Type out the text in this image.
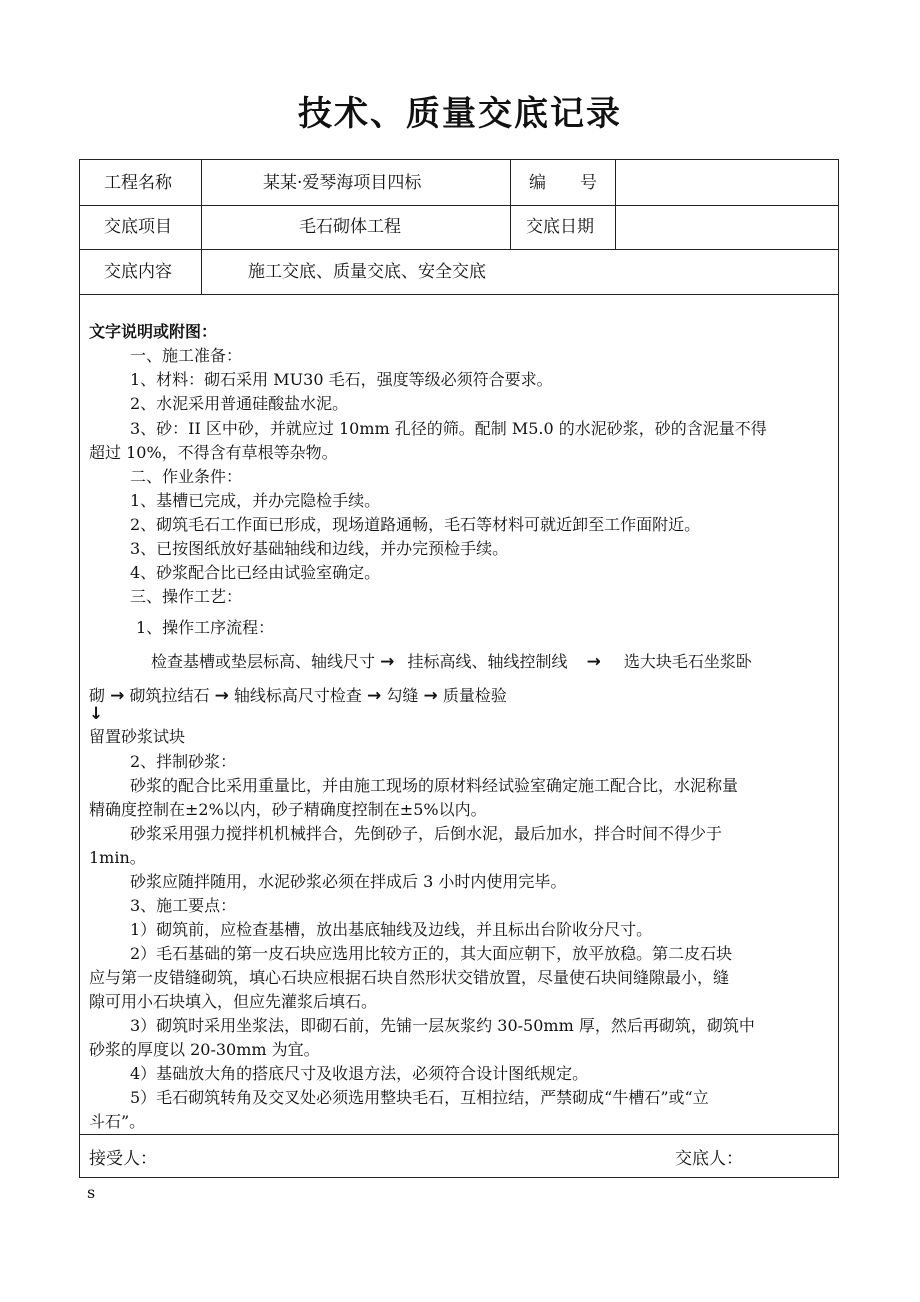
技术、质量交底记录
工程名称	某某·爱琴海项目四标	编　　号
交底项目	毛石砌体工程	交底日期
交底内容	施工交底、质量交底、安全交底
文字说明或附图：
一、施工准备：
1、材料：砌石采用 MU30 毛石，强度等级必须符合要求。
2、水泥采用普通硅酸盐水泥。
3、砂：II 区中砂，并就应过 10mm 孔径的筛。配制 M5.0 的水泥砂浆，砂的含泥量不得
超过 10%，不得含有草根等杂物。
二、作业条件：
1、基槽已完成，并办完隐检手续。
2、砌筑毛石工作面已形成，现场道路通畅，毛石等材料可就近卸至工作面附近。
3、已按图纸放好基础轴线和边线，并办完预检手续。
4、砂浆配合比已经由试验室确定。
三、操作工艺：
1、操作工序流程：
检查基槽或垫层标高、轴线尺寸 → 挂标高线、轴线控制线 → 选大块毛石坐浆卧
砌 → 砌筑拉结石 → 轴线标高尺寸检查 → 勾缝 → 质量检验
↓
留置砂浆试块
2、拌制砂浆：
砂浆的配合比采用重量比，并由施工现场的原材料经试验室确定施工配合比，水泥称量
精确度控制在±2%以内，砂子精确度控制在±5%以内。
砂浆采用强力搅拌机机械拌合，先倒砂子，后倒水泥，最后加水，拌合时间不得少于
1min。
砂浆应随拌随用，水泥砂浆必须在拌成后 3 小时内使用完毕。
3、施工要点：
1）砌筑前，应检查基槽，放出基底轴线及边线，并且标出台阶收分尺寸。
2）毛石基础的第一皮石块应选用比较方正的，其大面应朝下，放平放稳。第二皮石块
应与第一皮错缝砌筑，填心石块应根据石块自然形状交错放置，尽量使石块间缝隙最小，缝
隙可用小石块填入，但应先灌浆后填石。
3）砌筑时采用坐浆法，即砌石前，先铺一层灰浆约 30-50mm 厚，然后再砌筑，砌筑中
砂浆的厚度以 20-30mm 为宜。
4）基础放大角的搭底尺寸及收退方法，必须符合设计图纸规定。
5）毛石砌筑转角及交叉处必须选用整块毛石，互相拉结，严禁砌成“牛槽石”或“立
斗石”。
接受人：	交底人：
s
